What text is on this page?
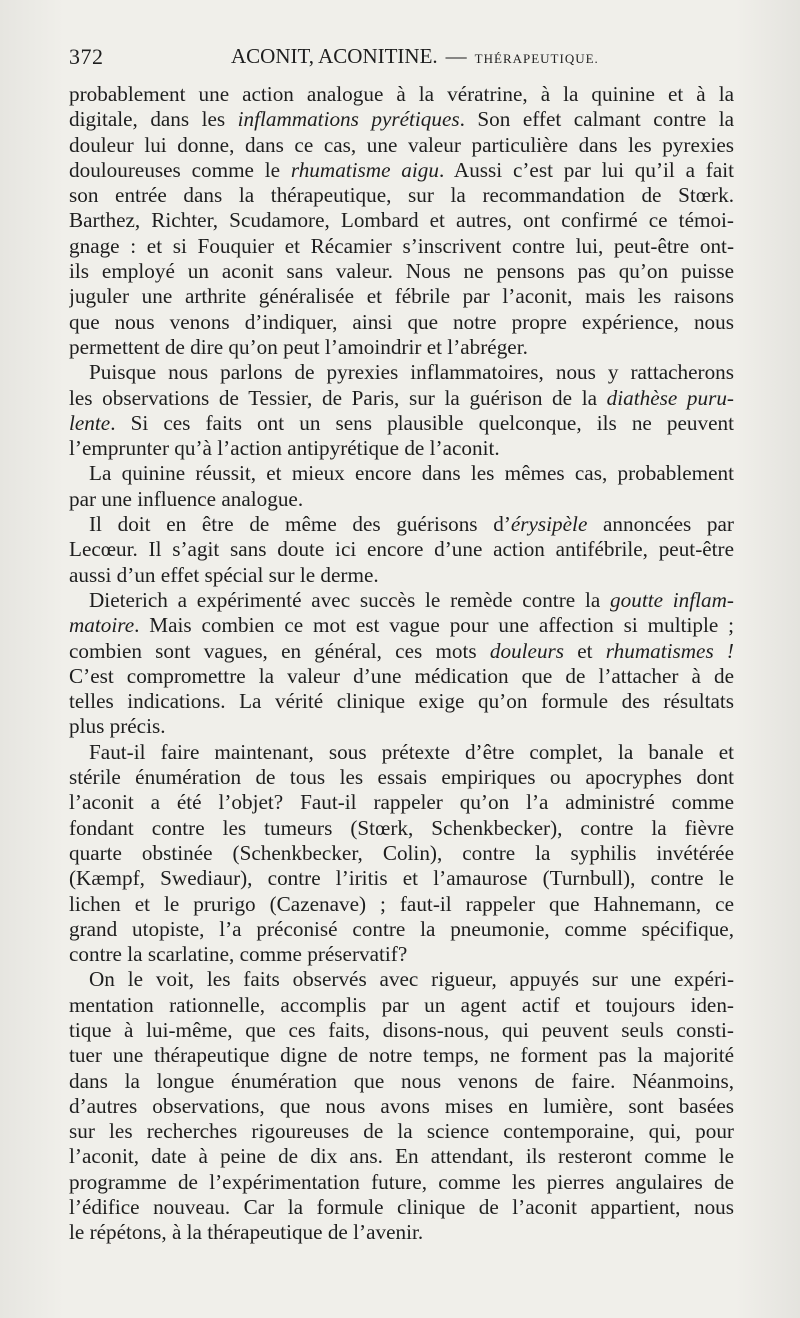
372	ACONIT, ACONITINE. — THÉRAPEUTIQUE.
probablement une action analogue à la vératrine, à la quinine et à la
digitale, dans les inflammations pyrétiques. Son effet calmant contre la
douleur lui donne, dans ce cas, une valeur particulière dans les pyrexies
douloureuses comme le rhumatisme aigu. Aussi c’est par lui qu’il a fait
son entrée dans la thérapeutique, sur la recommandation de Stœrk.
Barthez, Richter, Scudamore, Lombard et autres, ont confirmé ce témoi-
gnage : et si Fouquier et Récamier s’inscrivent contre lui, peut-être ont-
ils employé un aconit sans valeur. Nous ne pensons pas qu’on puisse
juguler une arthrite généralisée et fébrile par l’aconit, mais les raisons
que nous venons d’indiquer, ainsi que notre propre expérience, nous
permettent de dire qu’on peut l’amoindrir et l’abréger.
Puisque nous parlons de pyrexies inflammatoires, nous y rattacherons
les observations de Tessier, de Paris, sur la guérison de la diathèse puru-
lente. Si ces faits ont un sens plausible quelconque, ils ne peuvent
l’emprunter qu’à l’action antipyrétique de l’aconit.
La quinine réussit, et mieux encore dans les mêmes cas, probablement
par une influence analogue.
Il doit en être de même des guérisons d’érysipèle annoncées par
Lecœur. Il s’agit sans doute ici encore d’une action antifébrile, peut-être
aussi d’un effet spécial sur le derme.
Dieterich a expérimenté avec succès le remède contre la goutte inflam-
matoire. Mais combien ce mot est vague pour une affection si multiple ;
combien sont vagues, en général, ces mots douleurs et rhumatismes !
C’est compromettre la valeur d’une médication que de l’attacher à de
telles indications. La vérité clinique exige qu’on formule des résultats
plus précis.
Faut-il faire maintenant, sous prétexte d’être complet, la banale et
stérile énumération de tous les essais empiriques ou apocryphes dont
l’aconit a été l’objet? Faut-il rappeler qu’on l’a administré comme
fondant contre les tumeurs (Stœrk, Schenkbecker), contre la fièvre
quarte obstinée (Schenkbecker, Colin), contre la syphilis invétérée
(Kæmpf, Swediaur), contre l’iritis et l’amaurose (Turnbull), contre le
lichen et le prurigo (Cazenave) ; faut-il rappeler que Hahnemann, ce
grand utopiste, l’a préconisé contre la pneumonie, comme spécifique,
contre la scarlatine, comme préservatif?
On le voit, les faits observés avec rigueur, appuyés sur une expéri-
mentation rationnelle, accomplis par un agent actif et toujours iden-
tique à lui-même, que ces faits, disons-nous, qui peuvent seuls consti-
tuer une thérapeutique digne de notre temps, ne forment pas la majorité
dans la longue énumération que nous venons de faire. Néanmoins,
d’autres observations, que nous avons mises en lumière, sont basées
sur les recherches rigoureuses de la science contemporaine, qui, pour
l’aconit, date à peine de dix ans. En attendant, ils resteront comme le
programme de l’expérimentation future, comme les pierres angulaires de
l’édifice nouveau. Car la formule clinique de l’aconit appartient, nous
le répétons, à la thérapeutique de l’avenir.
